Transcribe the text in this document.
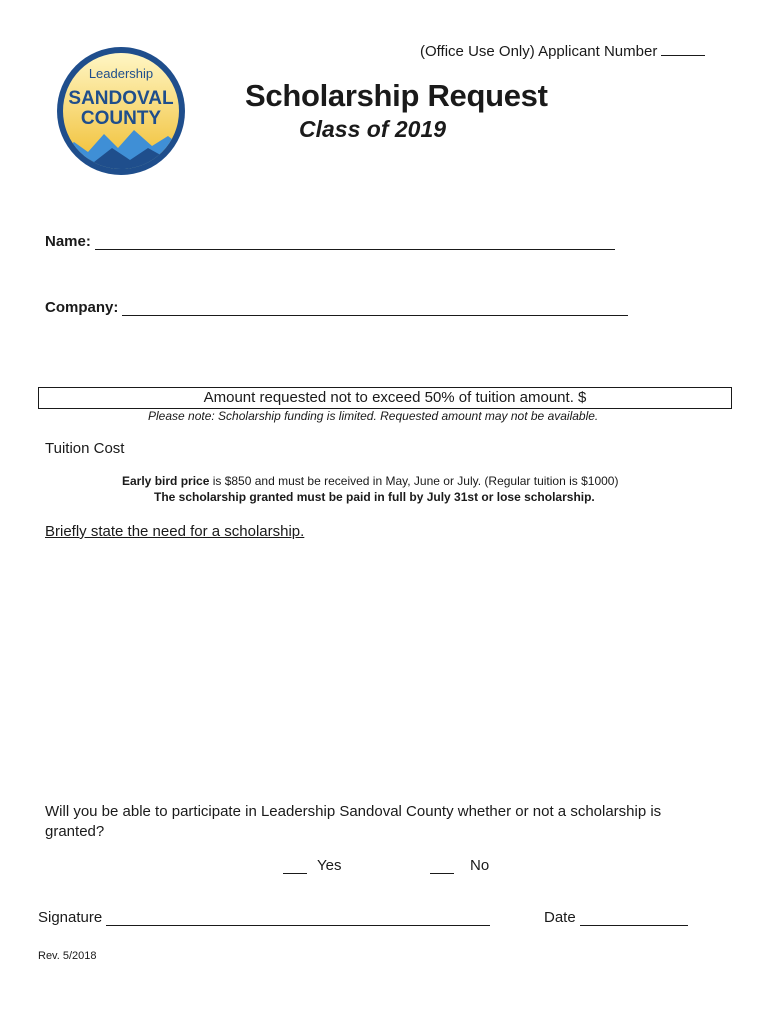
(Office Use Only) Applicant Number
Leadership
SANDOVAL
COUNTY
Scholarship Request
Class of 2019
Name:
Company:
Amount requested not to exceed 50% of tuition amount. $
Please note: Scholarship funding is limited. Requested amount may not be available.
Tuition Cost
Early bird price is $850 and must be received in May, June or July. (Regular tuition is $1000)
The scholarship granted must be paid in full by July 31st or lose scholarship.
Briefly state the need for a scholarship.
Will you be able to participate in Leadership Sandoval County whether or not a scholarship is granted?
Yes	No
Signature	Date
Rev. 5/2018
